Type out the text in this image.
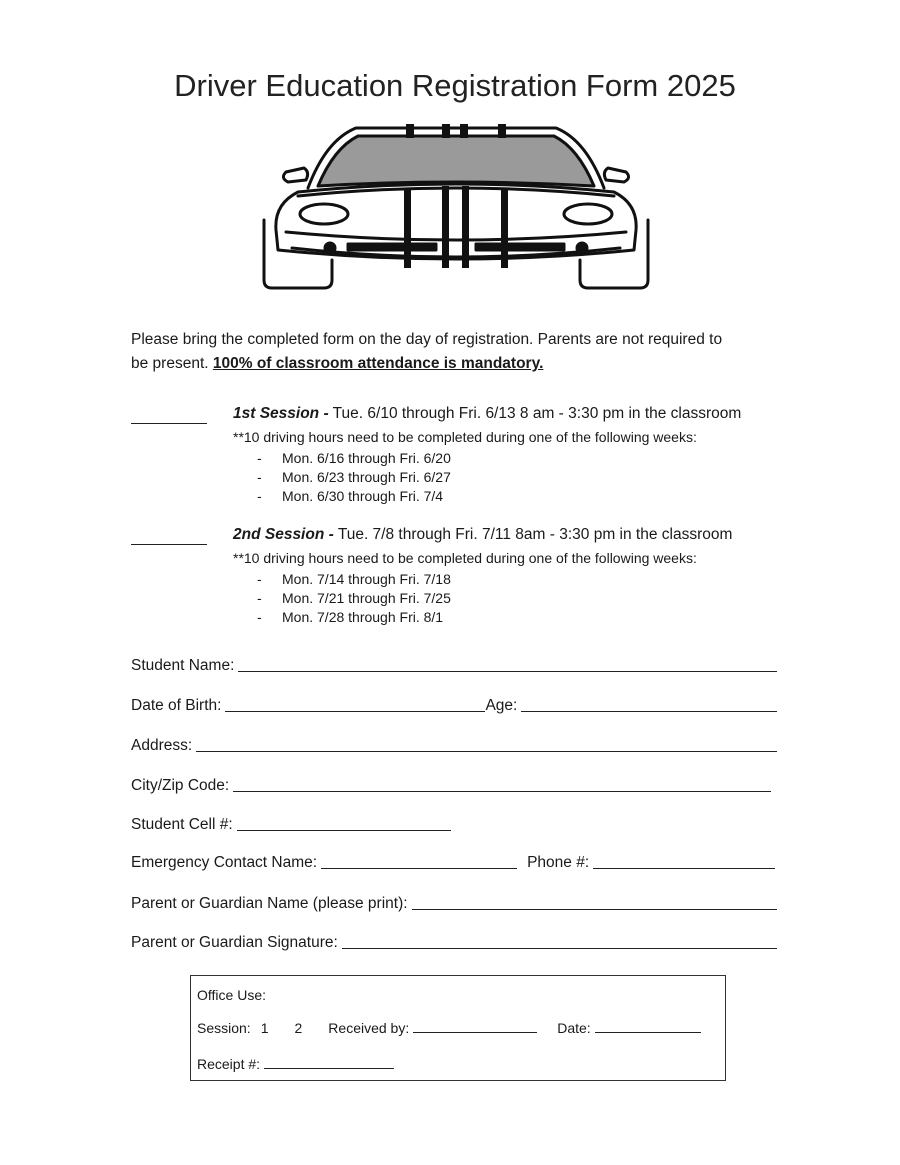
Driver Education Registration Form 2025
Please bring the completed form on the day of registration. Parents are not required to
be present. 100% of classroom attendance is mandatory.
1st Session - Tue. 6/10 through Fri. 6/13 8 am - 3:30 pm in the classroom
**10 driving hours need to be completed during one of the following weeks:
- Mon. 6/16 through Fri. 6/20
- Mon. 6/23 through Fri. 6/27
- Mon. 6/30 through Fri. 7/4
2nd Session - Tue. 7/8 through Fri. 7/11 8am - 3:30 pm in the classroom
**10 driving hours need to be completed during one of the following weeks:
- Mon. 7/14 through Fri. 7/18
- Mon. 7/21 through Fri. 7/25
- Mon. 7/28 through Fri. 8/1
Student Name:
Date of Birth:	Age:
Address:
City/Zip Code:
Student Cell #:
Emergency Contact Name:	Phone #:
Parent or Guardian Name (please print):
Parent or Guardian Signature:
Office Use:
Session: 1 2 Received by:	Date:
Receipt #:
